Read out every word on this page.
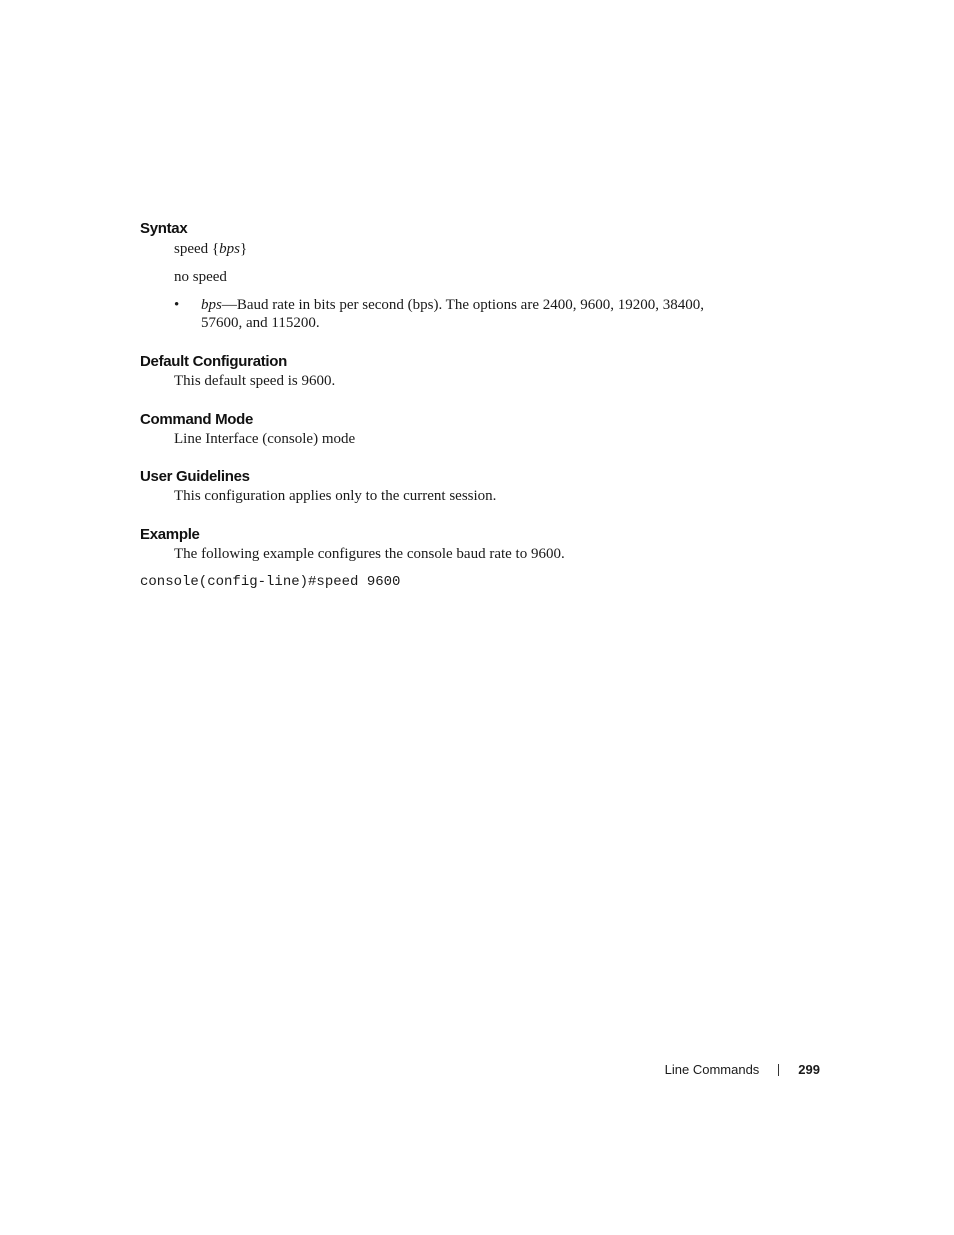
Syntax

speed {bps}

no speed

• bps—Baud rate in bits per second (bps). The options are 2400, 9600, 19200, 38400, 57600, and 115200.
Default Configuration

This default speed is 9600.

Command Mode

Line Interface (console) mode

User Guidelines

This configuration applies only to the current session.

Example

The following example configures the console baud rate to 9600.

console(config-line)#speed 9600
Line Commands	299
